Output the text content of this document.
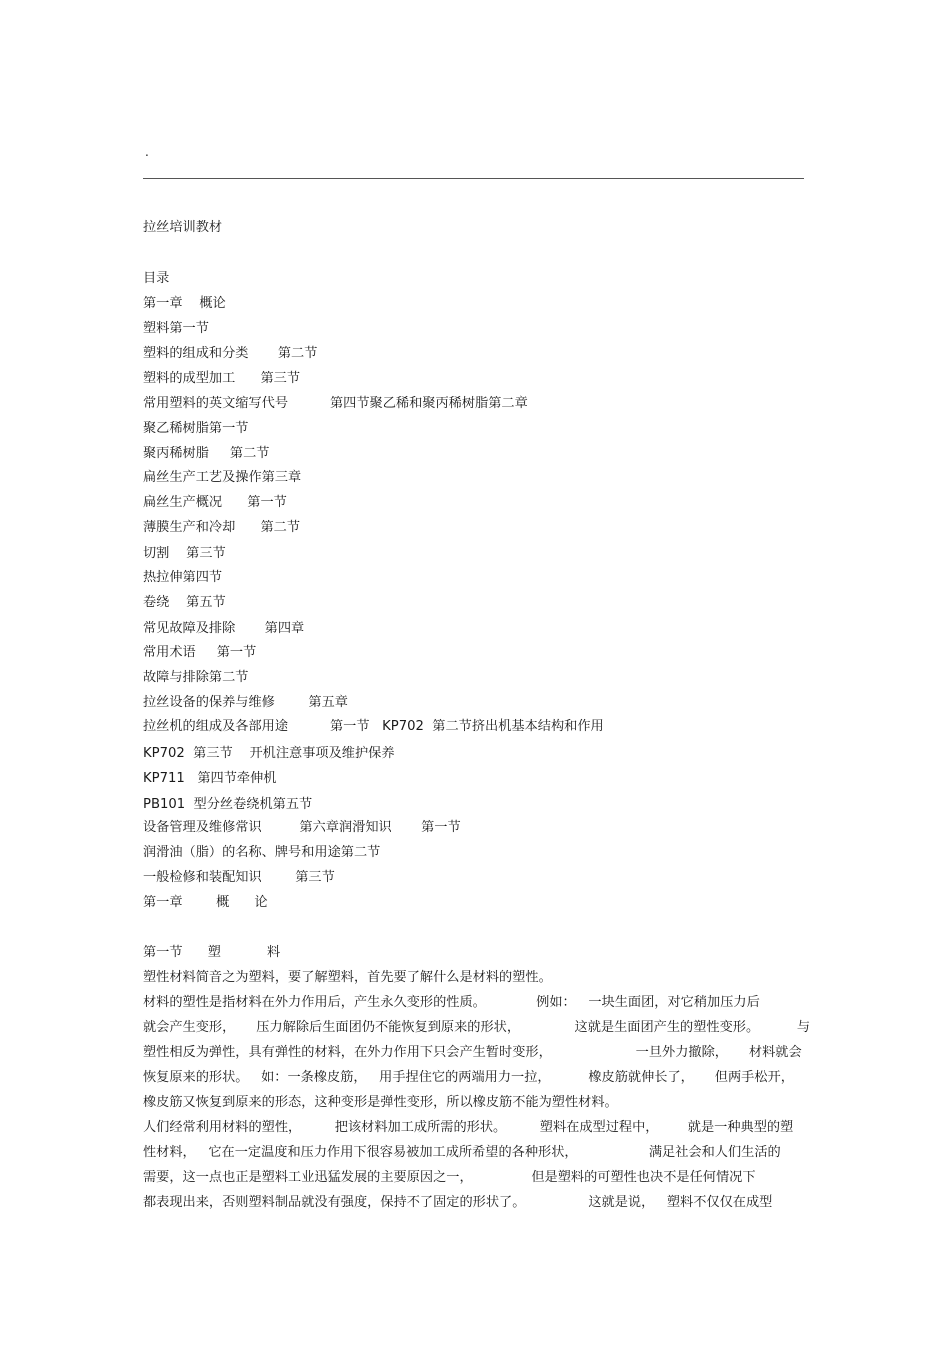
.
拉丝培训教材
目录
第一章    概论
塑料第一节
塑料的组成和分类       第二节
塑料的成型加工      第三节
常用塑料的英文缩写代号          第四节聚乙稀和聚丙稀树脂第二章
聚乙稀树脂第一节
聚丙稀树脂     第二节
扁丝生产工艺及操作第三章
扁丝生产概况      第一节
薄膜生产和冷却      第二节
切割    第三节
热拉伸第四节
卷绕    第五节
常见故障及排除       第四章
常用术语     第一节
故障与排除第二节
拉丝设备的保养与维修        第五章
拉丝机的组成及各部用途          第一节   KP702  第二节挤出机基本结构和作用
KP702  第三节    开机注意事项及维护保养
KP711   第四节牵伸机
PB101  型分丝卷绕机第五节
设备管理及维修常识         第六章润滑知识       第一节
润滑油（脂）的名称、牌号和用途第二节
一般检修和装配知识        第三节
第一章        概      论
第一节      塑           料
塑性材料简音之为塑料，要了解塑料，首先要了解什么是材料的塑性。
材料的塑性是指材料在外力作用后，产生永久变形的性质。            例如：   一块生面团，对它稍加压力后
就会产生变形，     压力解除后生面团仍不能恢复到原来的形状，             这就是生面团产生的塑性变形。         与
塑性相反为弹性，具有弹性的材料，在外力作用下只会产生暂时变形，                    一旦外力撤除，     材料就会
恢复原来的形状。   如：一条橡皮筋，   用手捏住它的两端用力一拉，         橡皮筋就伸长了，     但两手松开，
橡皮筋又恢复到原来的形态，这种变形是弹性变形，所以橡皮筋不能为塑性材料。
人们经常利用材料的塑性，        把该材料加工成所需的形状。        塑料在成型过程中，       就是一种典型的塑
性材料，   它在一定温度和压力作用下很容易被加工成所希望的各种形状，                 满足社会和人们生活的
需要，这一点也正是塑料工业迅猛发展的主要原因之一，              但是塑料的可塑性也决不是任何情况下
都表现出来，否则塑料制品就没有强度，保持不了固定的形状了。               这就是说，   塑料不仅仅在成型
